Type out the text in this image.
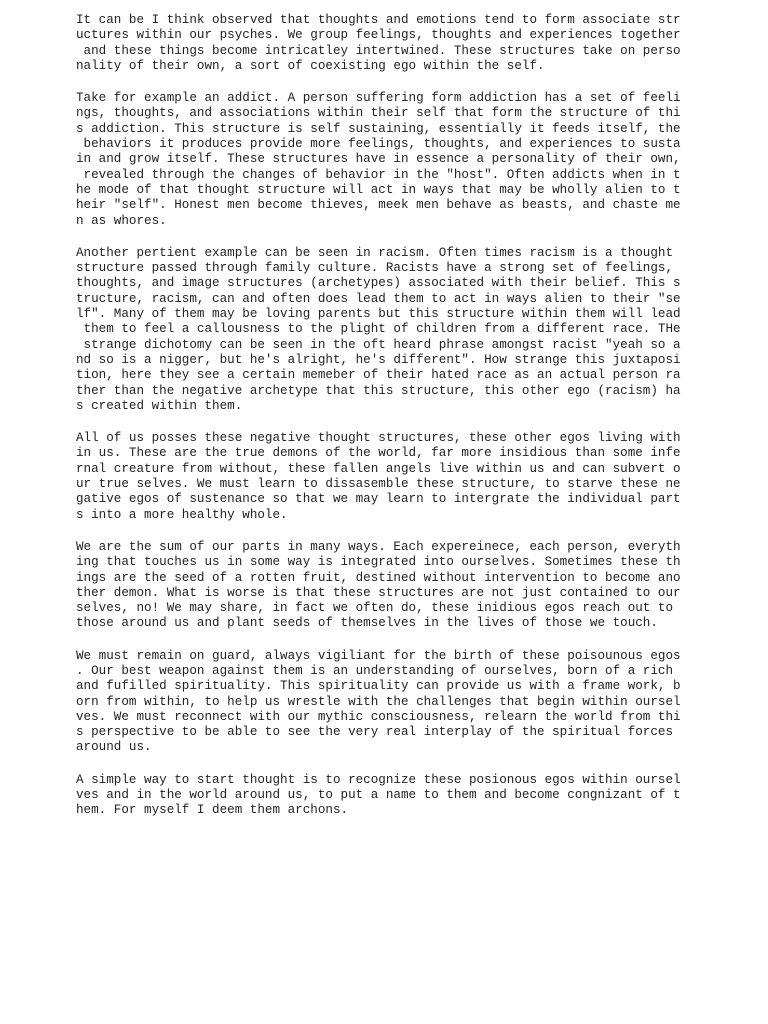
It can be I think observed that thoughts and emotions tend to form associate str
uctures within our psyches. We group feelings, thoughts and experiences together
and these things become intricatley intertwined. These structures take on perso
nality of their own, a sort of coexisting ego within the self.
Take for example an addict. A person suffering form addiction has a set of feeli
ngs, thoughts, and associations within their self that form the structure of thi
s addiction. This structure is self sustaining, essentially it feeds itself, the
behaviors it produces provide more feelings, thoughts, and experiences to susta
in and grow itself. These structures have in essence a personality of their own,
revealed through the changes of behavior in the "host". Often addicts when in t
he mode of that thought structure will act in ways that may be wholly alien to t
heir "self". Honest men become thieves, meek men behave as beasts, and chaste me
n as whores.
Another pertient example can be seen in racism. Often times racism is a thought
structure passed through family culture. Racists have a strong set of feelings,
thoughts, and image structures (archetypes) associated with their belief. This s
tructure, racism, can and often does lead them to act in ways alien to their "se
lf". Many of them may be loving parents but this structure within them will lead
them to feel a callousness to the plight of children from a different race. THe
strange dichotomy can be seen in the oft heard phrase amongst racist "yeah so a
nd so is a nigger, but he's alright, he's different". How strange this juxtaposi
tion, here they see a certain memeber of their hated race as an actual person ra
ther than the negative archetype that this structure, this other ego (racism) ha
s created within them.
All of us posses these negative thought structures, these other egos living with
in us. These are the true demons of the world, far more insidious than some infe
rnal creature from without, these fallen angels live within us and can subvert o
ur true selves. We must learn to dissasemble these structure, to starve these ne
gative egos of sustenance so that we may learn to intergrate the individual part
s into a more healthy whole.
We are the sum of our parts in many ways. Each expereinece, each person, everyth
ing that touches us in some way is integrated into ourselves. Sometimes these th
ings are the seed of a rotten fruit, destined without intervention to become ano
ther demon. What is worse is that these structures are not just contained to our
selves, no! We may share, in fact we often do, these inidious egos reach out to
those around us and plant seeds of themselves in the lives of those we touch.
We must remain on guard, always vigiliant for the birth of these poisounous egos
. Our best weapon against them is an understanding of ourselves, born of a rich
and fufilled spirituality. This spirituality can provide us with a frame work, b
orn from within, to help us wrestle with the challenges that begin within oursel
ves. We must reconnect with our mythic consciousness, relearn the world from thi
s perspective to be able to see the very real interplay of the spiritual forces
around us.
A simple way to start thought is to recognize these posionous egos within oursel
ves and in the world around us, to put a name to them and become congnizant of t
hem. For myself I deem them archons.
